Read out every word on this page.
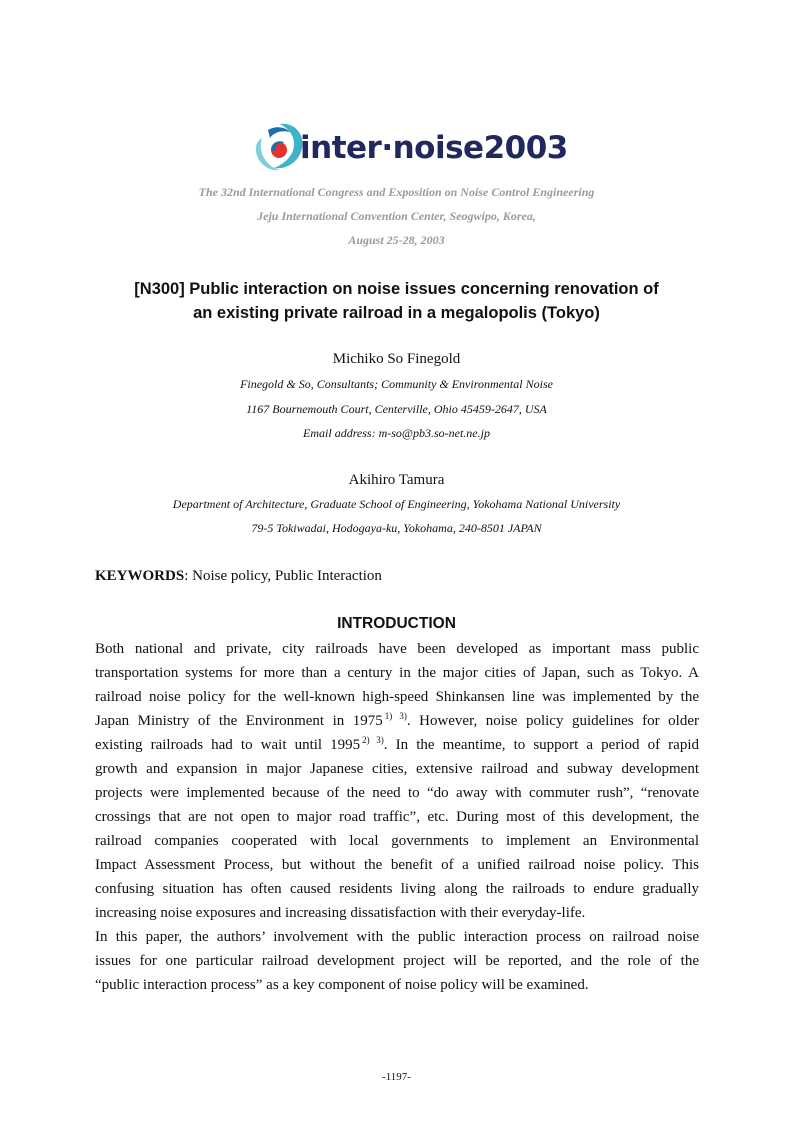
inter·noise2003
The 32nd International Congress and Exposition on Noise Control Engineering
Jeju International Convention Center, Seogwipo, Korea,
August 25-28, 2003
[N300] Public interaction on noise issues concerning renovation of
an existing private railroad in a megalopolis (Tokyo)
Michiko So Finegold
Finegold & So, Consultants; Community & Environmental Noise
1167 Bournemouth Court, Centerville, Ohio 45459-2647, USA
Email address: m-so@pb3.so-net.ne.jp
Akihiro Tamura
Department of Architecture, Graduate School of Engineering, Yokohama National University
79-5 Tokiwadai, Hodogaya-ku, Yokohama, 240-8501 JAPAN
KEYWORDS: Noise policy, Public Interaction
INTRODUCTION
Both national and private, city railroads have been developed as important mass public
transportation systems for more than a century in the major cities of Japan, such as Tokyo. A
railroad noise policy for the well-known high-speed Shinkansen line was implemented by the
Japan Ministry of the Environment in 1975 $^{1) 3)}$. However, noise policy guidelines for older
existing railroads had to wait until 1995 $^{2) 3)}$. In the meantime, to support a period of rapid
growth and expansion in major Japanese cities, extensive railroad and subway development
projects were implemented because of the need to “do away with commuter rush”, “renovate
crossings that are not open to major road traffic”, etc. During most of this development, the
railroad companies cooperated with local governments to implement an Environmental
Impact Assessment Process, but without the benefit of a unified railroad noise policy. This
confusing situation has often caused residents living along the railroads to endure gradually
increasing noise exposures and increasing dissatisfaction with their everyday-life.
In this paper, the authors’ involvement with the public interaction process on railroad noise
issues for one particular railroad development project will be reported, and the role of the
“public interaction process” as a key component of noise policy will be examined.
-1197-
